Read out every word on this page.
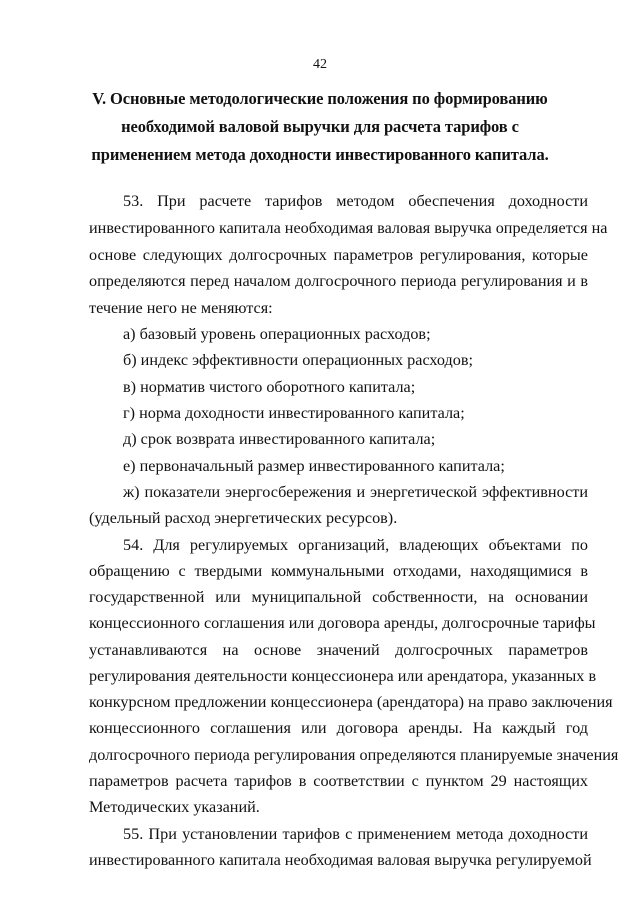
42
V. Основные методологические положения по формированию
необходимой валовой выручки для расчета тарифов с
применением метода доходности инвестированного капитала.
53. При расчете тарифов методом обеспечения доходности
инвестированного капитала необходимая валовая выручка определяется на
основе следующих долгосрочных параметров регулирования, которые
определяются перед началом долгосрочного периода регулирования и в
течение него не меняются:
а) базовый уровень операционных расходов;
б) индекс эффективности операционных расходов;
в) норматив чистого оборотного капитала;
г) норма доходности инвестированного капитала;
д) срок возврата инвестированного капитала;
е) первоначальный размер инвестированного капитала;
ж) показатели энергосбережения и энергетической эффективности
(удельный расход энергетических ресурсов).
54. Для регулируемых организаций, владеющих объектами по
обращению с твердыми коммунальными отходами, находящимися в
государственной или муниципальной собственности, на основании
концессионного соглашения или договора аренды, долгосрочные тарифы
устанавливаются на основе значений долгосрочных параметров
регулирования деятельности концессионера или арендатора, указанных в
конкурсном предложении концессионера (арендатора) на право заключения
концессионного соглашения или договора аренды. На каждый год
долгосрочного периода регулирования определяются планируемые значения
параметров расчета тарифов в соответствии с пунктом 29 настоящих
Методических указаний.
55. При установлении тарифов с применением метода доходности
инвестированного капитала необходимая валовая выручка регулируемой
